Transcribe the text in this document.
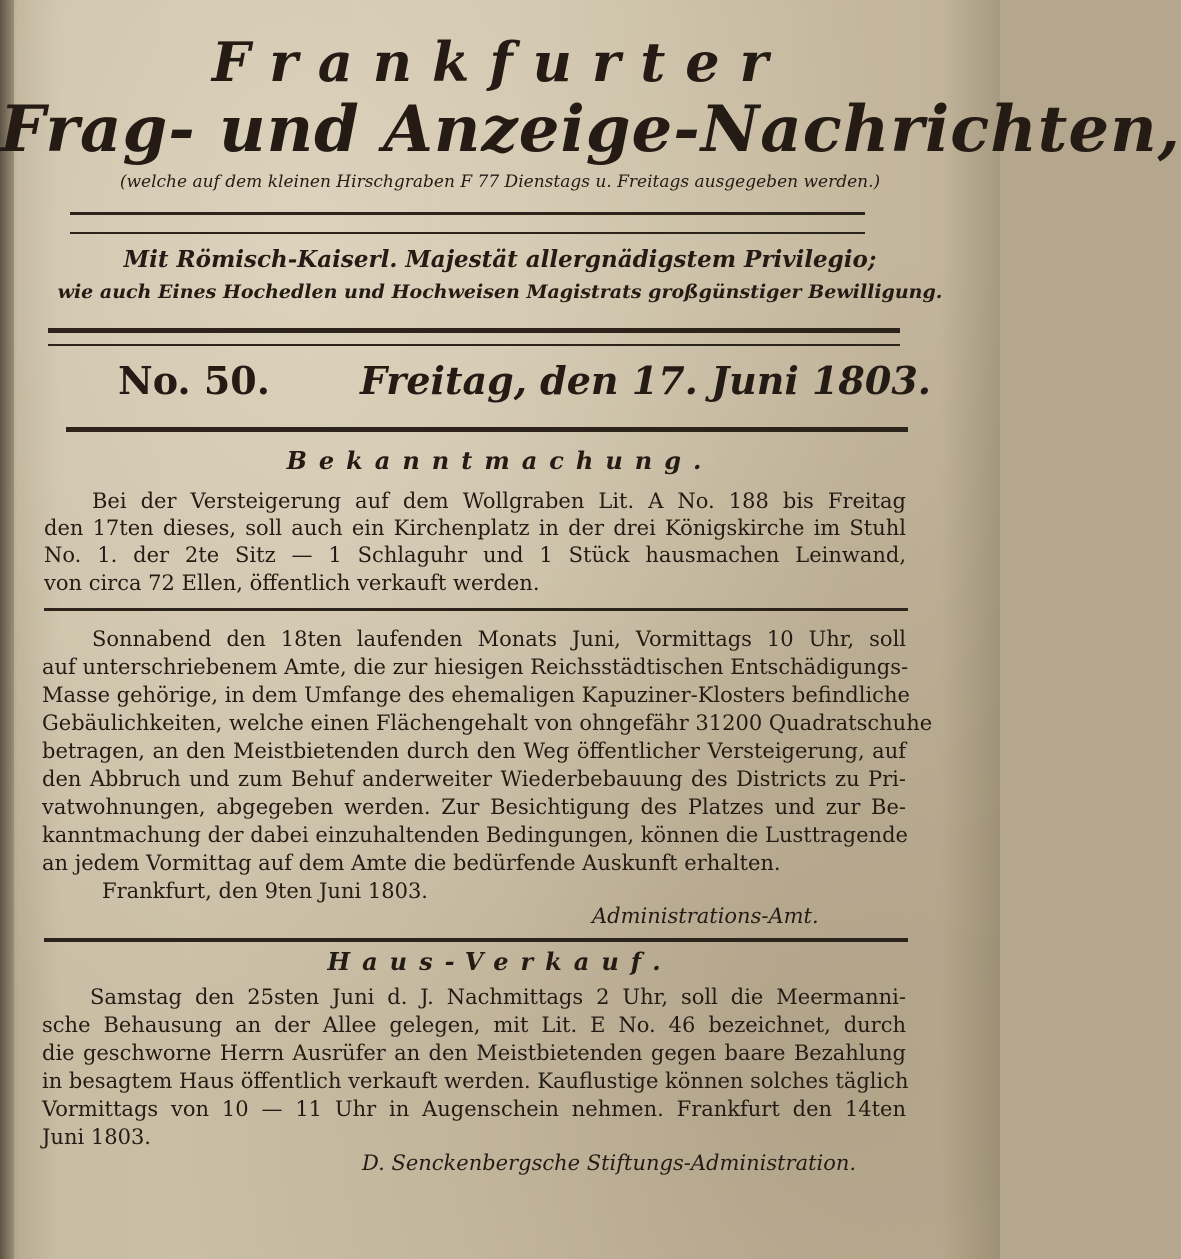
Frankfurter
Frag- und Anzeige-Nachrichten,
(welche auf dem kleinen Hirschgraben F 77 Dienstags u. Freitags ausgegeben werden.)
Mit Römisch-Kaiserl. Majestät allergnädigstem Privilegio;
wie auch Eines Hochedlen und Hochweisen Magistrats großgünstiger Bewilligung.
No. 50. Freitag, den 17. Juni 1803.
Bekanntmachung.
Bei der Versteigerung auf dem Wollgraben Lit. A No. 188 bis Freitag
den 17ten dieses, soll auch ein Kirchenplatz in der drei Königskirche im Stuhl
No. 1. der 2te Sitz — 1 Schlaguhr und 1 Stück hausmachen Leinwand,
von circa 72 Ellen, öffentlich verkauft werden.
Sonnabend den 18ten laufenden Monats Juni, Vormittags 10 Uhr, soll
auf unterschriebenem Amte, die zur hiesigen Reichsstädtischen Entschädigungs-
Masse gehörige, in dem Umfange des ehemaligen Kapuziner-Klosters befindliche
Gebäulichkeiten, welche einen Flächengehalt von ohngefähr 31200 Quadratschuhe
betragen, an den Meistbietenden durch den Weg öffentlicher Versteigerung, auf
den Abbruch und zum Behuf anderweiter Wiederbebauung des Districts zu Pri-
vatwohnungen, abgegeben werden. Zur Besichtigung des Platzes und zur Be-
kanntmachung der dabei einzuhaltenden Bedingungen, können die Lusttragende
an jedem Vormittag auf dem Amte die bedürfende Auskunft erhalten.
Frankfurt, den 9ten Juni 1803.
Administrations-Amt.
Haus-Verkauf.
Samstag den 25sten Juni d. J. Nachmittags 2 Uhr, soll die Meermanni-
sche Behausung an der Allee gelegen, mit Lit. E No. 46 bezeichnet, durch
die geschworne Herrn Ausrüfer an den Meistbietenden gegen baare Bezahlung
in besagtem Haus öffentlich verkauft werden. Kauflustige können solches täglich
Vormittags von 10 — 11 Uhr in Augenschein nehmen. Frankfurt den 14ten
Juni 1803.
D. Senckenbergsche Stiftungs-Administration.
